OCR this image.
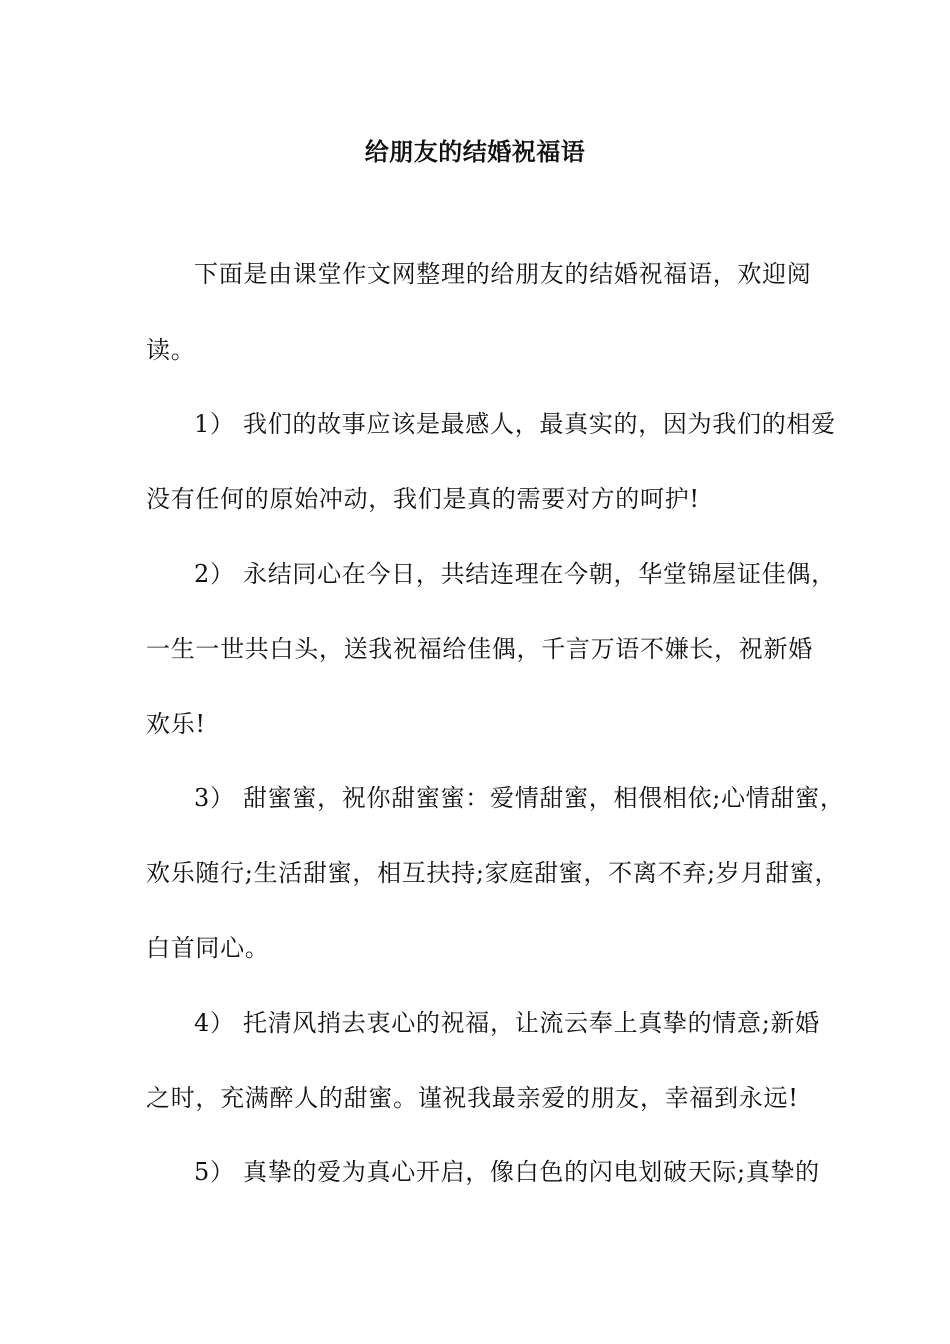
给朋友的结婚祝福语
下面是由课堂作文网整理的给朋友的结婚祝福语，欢迎阅
读。
1） 我们的故事应该是最感人，最真实的，因为我们的相爱
没有任何的原始冲动，我们是真的需要对方的呵护!
2） 永结同心在今日，共结连理在今朝，华堂锦屋证佳偶，
一生一世共白头，送我祝福给佳偶，千言万语不嫌长，祝新婚
欢乐!
3） 甜蜜蜜，祝你甜蜜蜜：爱情甜蜜，相偎相依;心情甜蜜，
欢乐随行;生活甜蜜，相互扶持;家庭甜蜜，不离不弃;岁月甜蜜，
白首同心。
4） 托清风捎去衷心的祝福，让流云奉上真挚的情意;新婚
之时，充满醉人的甜蜜。谨祝我最亲爱的朋友，幸福到永远!
5） 真挚的爱为真心开启，像白色的闪电划破天际;真挚的
